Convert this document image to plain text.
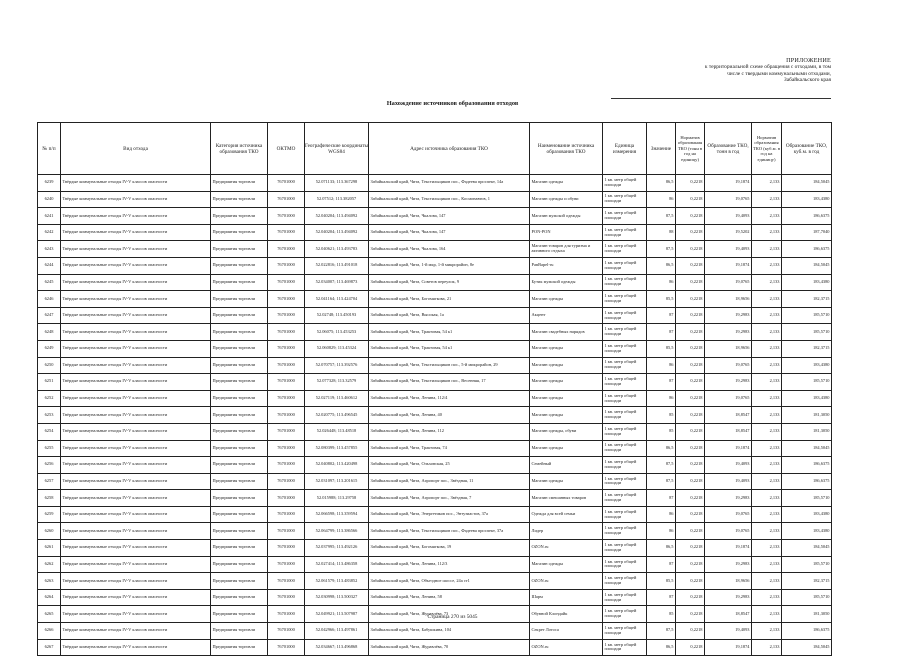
ПРИЛОЖЕНИЕ
к территориальной схеме обращения с отходами, в том
числе с твердыми коммунальными отходами,
Забайкальского края
Нахождение источников образования отходов
№ п/п	Вид отхода	Категория источника образования ТКО	ОКТМО	Географические координаты WGS84	Адрес источника образования ТКО	Наименование источника образования ТКО	Единица измерения	Значение	Норматив образования ТКО (тонн в год на единицу)	Образование ТКО, тонн в год	Норматив образования ТКО (куб.м. в год на единицу)	Образование ТКО, куб.м. в год
6239	Твёрдые коммунальные отходы IV-V классов опасности	Предприятия торговли	76701000	52.071133; 113.367298	Забайкальский край, Чита, Текстильщиков пос., Фадеева проспект, 14а	Магазин одежды	1 кв. метр общей площади	86,5	0,2218	19,1874	2,133	184,5045
6240	Твёрдые коммунальные отходы IV-V классов опасности	Предприятия торговли	76701000	52.07512; 113.382057	Забайкальский край, Чита, Текстильщиков пос., Космонавтов, 1	Магазин одежды и обуви	1 кв. метр общей площади	86	0,2218	19,0765	2,133	183,4380
6241	Твёрдые коммунальные отходы IV-V классов опасности	Предприятия торговли	76701000	52.040204; 113.494092	Забайкальский край, Чита, Чкалова, 147	Магазин мужской одежды	1 кв. метр общей площади	87,5	0,2218	19,4093	2,133	186,6375
6242	Твёрдые коммунальные отходы IV-V классов опасности	Предприятия торговли	76701000	52.040204; 113.494092	Забайкальский край, Чита, Чкалова, 147	PON-PON	1 кв. метр общей площади	88	0,2218	19,5202	2,133	187,7040
6243	Твёрдые коммунальные отходы IV-V классов опасности	Предприятия торговли	76701000	52.040621; 113.493783	Забайкальский край, Чита, Чкалова, 164	Магазин товаров для туризма и активного отдыха	1 кв. метр общей площади	87,5	0,2218	19,4093	2,133	186,6375
6244	Твёрдые коммунальные отходы IV-V классов опасности	Предприятия торговли	76701000	52.022816; 113.491018	Забайкальский край, Чита, 1-й мкр, 1-й микрорайон, 8е	PanBapel-ru	1 кв. метр общей площади	86,5	0,2218	19,1874	2,133	184,5045
6245	Твёрдые коммунальные отходы IV-V классов опасности	Предприятия торговли	76701000	52.034007; 113.469873	Забайкальский край, Чита, Советов переулок, 9	Бутик мужской одежды	1 кв. метр общей площади	86	0,2218	19,0765	2,133	183,4380
6246	Твёрдые коммунальные отходы IV-V классов опасности	Предприятия торговли	76701000	52.041164; 113.424704	Забайкальский край, Чита, Богомягкова, 21	Магазин одежды	1 кв. метр общей площади	85,5	0,2218	18,9656	2,133	182,3715
6247	Твёрдые коммунальные отходы IV-V классов опасности	Предприятия торговли	76701000	52.02748; 113.450193	Забайкальский край, Чита, Высокая, 1а	Акцент	1 кв. метр общей площади	87	0,2218	19,2983	2,133	185,5710
6248	Твёрдые коммунальные отходы IV-V классов опасности	Предприятия торговли	76701000	52.06075; 113.453253	Забайкальский край, Чита, Трактовая, 54 к1	Магазин свадебных нарядов	1 кв. метр общей площади	87	0,2218	19,2983	2,133	185,5710
6249	Твёрдые коммунальные отходы IV-V классов опасности	Предприятия торговли	76701000	52.060829; 113.45324	Забайкальский край, Чита, Трактовая, 54 к1	Магазин одежды	1 кв. метр общей площади	85,5	0,2218	18,9656	2,133	182,3715
6250	Твёрдые коммунальные отходы IV-V классов опасности	Предприятия торговли	76701000	52.070757; 113.392576	Забайкальский край, Чита, Текстильщиков пос., 5-й микрорайон, 29	Магазин одежды	1 кв. метр общей площади	86	0,2218	19,0765	2,133	183,4380
6251	Твёрдые коммунальные отходы IV-V классов опасности	Предприятия торговли	76701000	52.077328; 113.32579	Забайкальский край, Чита, Текстильщиков пос., Весенняя, 17	Магазин одежды	1 кв. метр общей площади	87	0,2218	19,2983	2,133	185,5710
6252	Твёрдые коммунальные отходы IV-V классов опасности	Предприятия торговли	76701000	52.027119; 113.460612	Забайкальский край, Чита, Ленина, 112/4	Магазин одежды	1 кв. метр общей площади	86	0,2218	19,0765	2,133	183,4380
6253	Твёрдые коммунальные отходы IV-V классов опасности	Предприятия торговли	76701000	52.020775; 113.496545	Забайкальский край, Чита, Ленина, 40	Магазин одежды	1 кв. метр общей площади	85	0,2218	18,8547	2,133	181,3050
6254	Твёрдые коммунальные отходы IV-V классов опасности	Предприятия торговли	76701000	52.026448; 113.48518	Забайкальский край, Чита, Ленина, 112	Магазин одежды, обуви	1 кв. метр общей площади	85	0,2218	18,8547	2,133	181,3050
6255	Твёрдые коммунальные отходы IV-V классов опасности	Предприятия торговли	76701000	52.080399; 113.457855	Забайкальский край, Чита, Трактовая, 74	Магазин одежды	1 кв. метр общей площади	86,5	0,2218	19,1874	2,133	184,5045
6256	Твёрдые коммунальные отходы IV-V классов опасности	Предприятия торговли	76701000	52.040802; 113.420498	Забайкальский край, Чита, Ольховская, 25	Семейный	1 кв. метр общей площади	87,5	0,2218	19,4093	2,133	186,6375
6257	Твёрдые коммунальные отходы IV-V классов опасности	Предприятия торговли	76701000	52.031097; 113.201615	Забайкальский край, Чита, Аэропорт пос., Звёздная, 11	Магазин одежды	1 кв. метр общей площади	87,5	0,2218	19,4093	2,133	186,6375
6258	Твёрдые коммунальные отходы IV-V классов опасности	Предприятия торговли	76701000	52.015988; 113.29758	Забайкальский край, Чита, Аэропорт пос., Звёздная, 7	Магазин смешанных товаров	1 кв. метр общей площади	87	0,2218	19,2983	2,133	185,5710
6259	Твёрдые коммунальные отходы IV-V классов опасности	Предприятия торговли	76701000	52.066598; 113.359594	Забайкальский край, Чита, Энергетиков пос., Энтузиастов, 37а	Одежда для всей семьи	1 кв. метр общей площади	86	0,2218	19,0765	2,133	183,4380
6260	Твёрдые коммунальные отходы IV-V классов опасности	Предприятия торговли	76701000	52.064799; 113.386566	Забайкальский край, Чита, Текстильщиков пос., Фадеева проспект, 37а	Лидер	1 кв. метр общей площади	86	0,2218	19,0765	2,133	183,4380
6261	Твёрдые коммунальные отходы IV-V классов опасности	Предприятия торговли	76701000	52.037995; 113.492126	Забайкальский край, Чита, Богомягкова, 19	OZON.ru	1 кв. метр общей площади	86,5	0,2218	19,1874	2,133	184,5045
6262	Твёрдые коммунальные отходы IV-V классов опасности	Предприятия торговли	76701000	52.027414; 113.486358	Забайкальский край, Чита, Ленина, 112/3	Магазин одежды	1 кв. метр общей площади	87	0,2218	19,2983	2,133	185,5710
6263	Твёрдые коммунальные отходы IV-V классов опасности	Предприятия торговли	76701000	52.061579; 113.483852	Забайкальский край, Чита, Объездное шоссе, 24а ст1	OZON.ru	1 кв. метр общей площади	85,5	0,2218	18,9656	2,133	182,3715
6264	Твёрдые коммунальные отходы IV-V классов опасности	Предприятия торговли	76701000	52.030998; 113.500327	Забайкальский край, Чита, Ленина, 58	Шарм	1 кв. метр общей площади	87	0,2218	19,2983	2,133	185,5710
6265	Твёрдые коммунальные отходы IV-V классов опасности	Предприятия торговли	76701000	52.049921; 113.507987	Забайкальский край, Чита, Журавлёва, 73	Обувной Клондайк	1 кв. метр общей площади	85	0,2218	18,8547	2,133	181,3050
6266	Твёрдые коммунальные отходы IV-V классов опасности	Предприятия торговли	76701000	52.042966; 113.497861	Забайкальский край, Чита, Бабушкина, 104	Секрет Лотоса	1 кв. метр общей площади	87,5	0,2218	19,4093	2,133	186,6375
6267	Твёрдые коммунальные отходы IV-V классов опасности	Предприятия торговли	76701000	52.034667; 113.496868	Забайкальский край, Чита, Журавлёва, 70	OZON.ru	1 кв. метр общей площади	86,5	0,2218	19,1874	2,133	184,5045
Страница 270 из 5045
